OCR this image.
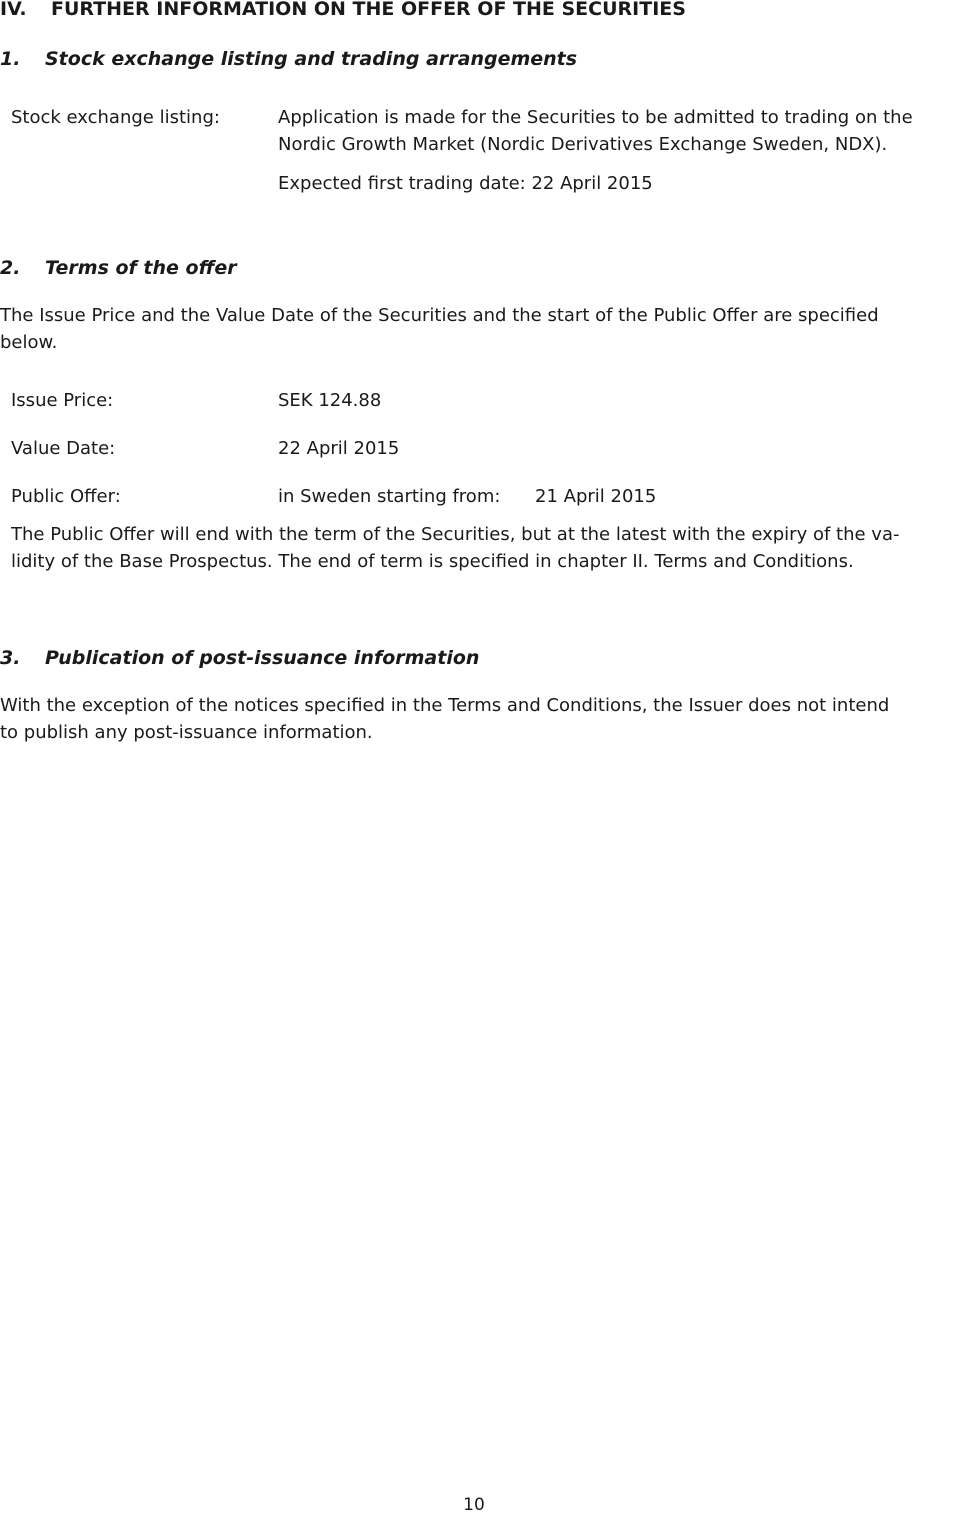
IV. FURTHER INFORMATION ON THE OFFER OF THE SECURITIES
1. Stock exchange listing and trading arrangements
Stock exchange listing:	Application is made for the Securities to be admitted to trading on the
Nordic Growth Market (Nordic Derivatives Exchange Sweden, NDX).
Expected first trading date: 22 April 2015
2. Terms of the offer
The Issue Price and the Value Date of the Securities and the start of the Public Offer are specified
below.
Issue Price:	SEK 124.88
Value Date:	22 April 2015
Public Offer:	in Sweden starting from: 21 April 2015
The Public Offer will end with the term of the Securities, but at the latest with the expiry of the va-
lidity of the Base Prospectus. The end of term is specified in chapter II. Terms and Conditions.
3. Publication of post-issuance information
With the exception of the notices specified in the Terms and Conditions, the Issuer does not intend
to publish any post-issuance information.
10
